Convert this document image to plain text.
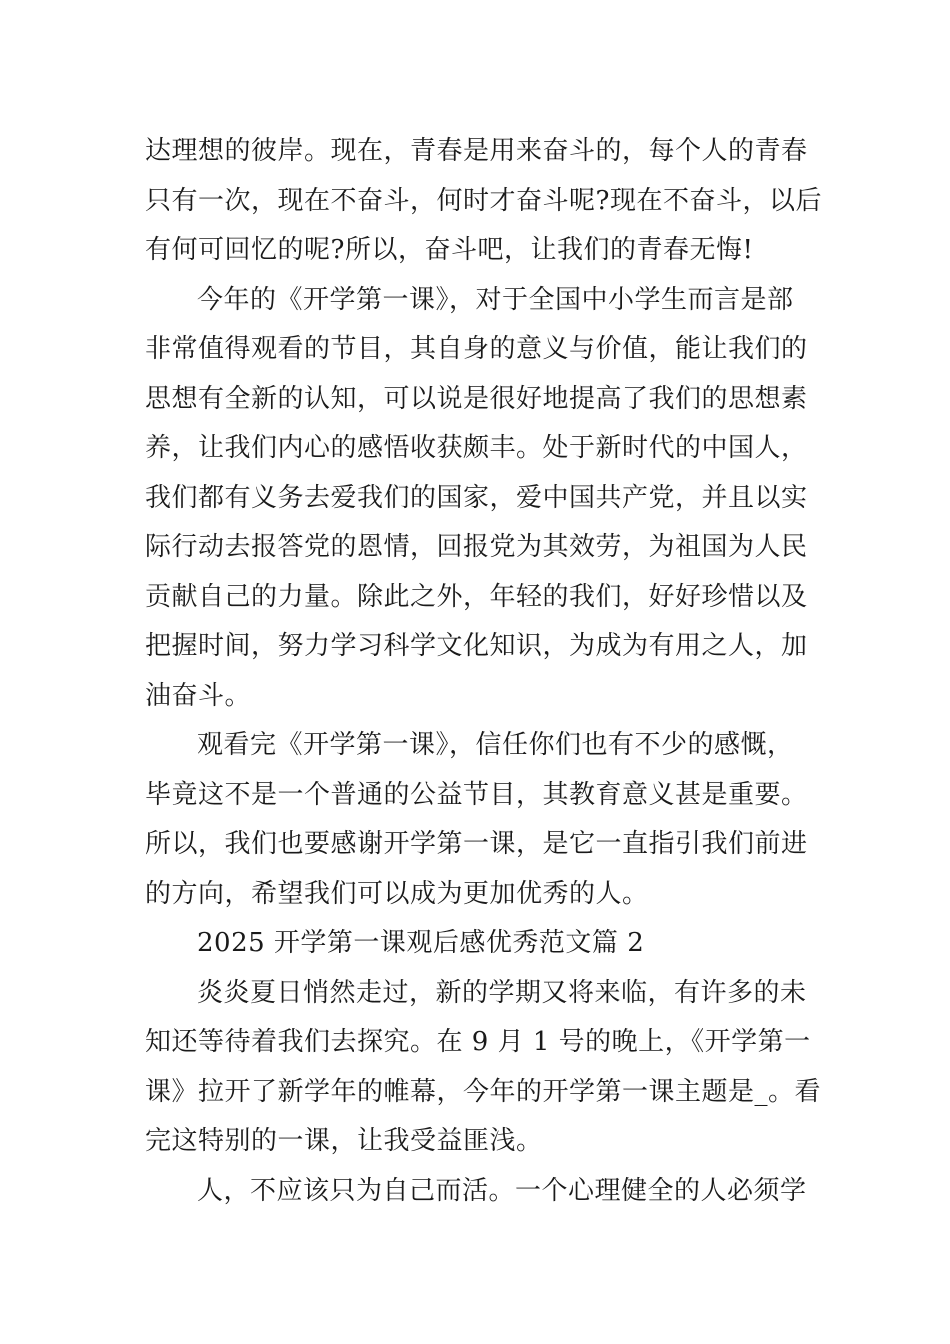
达理想的彼岸。现在，青春是用来奋斗的，每个人的青春
只有一次，现在不奋斗，何时才奋斗呢?现在不奋斗，以后
有何可回忆的呢?所以，奋斗吧，让我们的青春无悔!
今年的《开学第一课》，对于全国中小学生而言是部
非常值得观看的节目，其自身的意义与价值，能让我们的
思想有全新的认知，可以说是很好地提高了我们的思想素
养，让我们内心的感悟收获颇丰。处于新时代的中国人，
我们都有义务去爱我们的国家，爱中国共产党，并且以实
际行动去报答党的恩情，回报党为其效劳，为祖国为人民
贡献自己的力量。除此之外，年轻的我们，好好珍惜以及
把握时间，努力学习科学文化知识，为成为有用之人，加
油奋斗。
观看完《开学第一课》，信任你们也有不少的感慨，
毕竟这不是一个普通的公益节目，其教育意义甚是重要。
所以，我们也要感谢开学第一课，是它一直指引我们前进
的方向，希望我们可以成为更加优秀的人。
2025 开学第一课观后感优秀范文篇 2
炎炎夏日悄然走过，新的学期又将来临，有许多的未
知还等待着我们去探究。在 9 月 1 号的晚上，《开学第一
课》拉开了新学年的帷幕，今年的开学第一课主题是_。看
完这特别的一课，让我受益匪浅。
人，不应该只为自己而活。一个心理健全的人必须学
